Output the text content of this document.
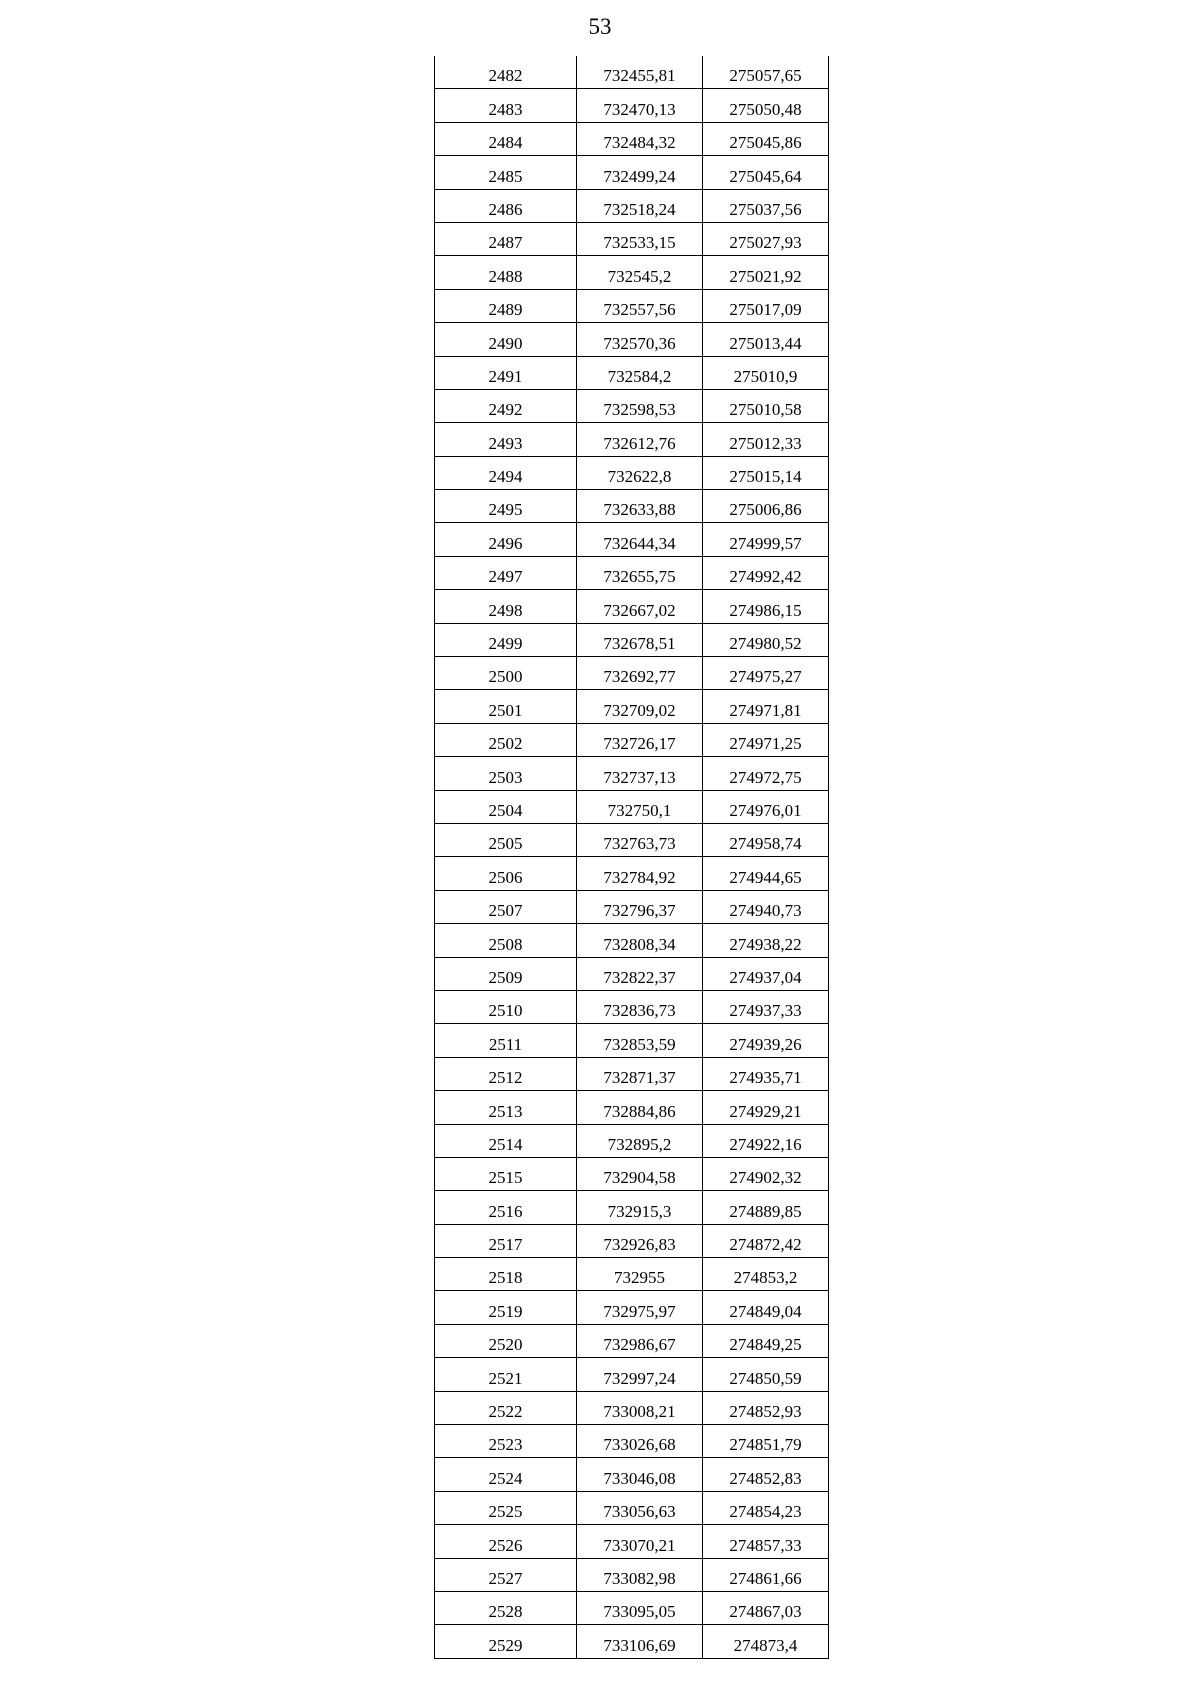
53
2482	732455,81	275057,65
2483	732470,13	275050,48
2484	732484,32	275045,86
2485	732499,24	275045,64
2486	732518,24	275037,56
2487	732533,15	275027,93
2488	732545,2	275021,92
2489	732557,56	275017,09
2490	732570,36	275013,44
2491	732584,2	275010,9
2492	732598,53	275010,58
2493	732612,76	275012,33
2494	732622,8	275015,14
2495	732633,88	275006,86
2496	732644,34	274999,57
2497	732655,75	274992,42
2498	732667,02	274986,15
2499	732678,51	274980,52
2500	732692,77	274975,27
2501	732709,02	274971,81
2502	732726,17	274971,25
2503	732737,13	274972,75
2504	732750,1	274976,01
2505	732763,73	274958,74
2506	732784,92	274944,65
2507	732796,37	274940,73
2508	732808,34	274938,22
2509	732822,37	274937,04
2510	732836,73	274937,33
2511	732853,59	274939,26
2512	732871,37	274935,71
2513	732884,86	274929,21
2514	732895,2	274922,16
2515	732904,58	274902,32
2516	732915,3	274889,85
2517	732926,83	274872,42
2518	732955	274853,2
2519	732975,97	274849,04
2520	732986,67	274849,25
2521	732997,24	274850,59
2522	733008,21	274852,93
2523	733026,68	274851,79
2524	733046,08	274852,83
2525	733056,63	274854,23
2526	733070,21	274857,33
2527	733082,98	274861,66
2528	733095,05	274867,03
2529	733106,69	274873,4
